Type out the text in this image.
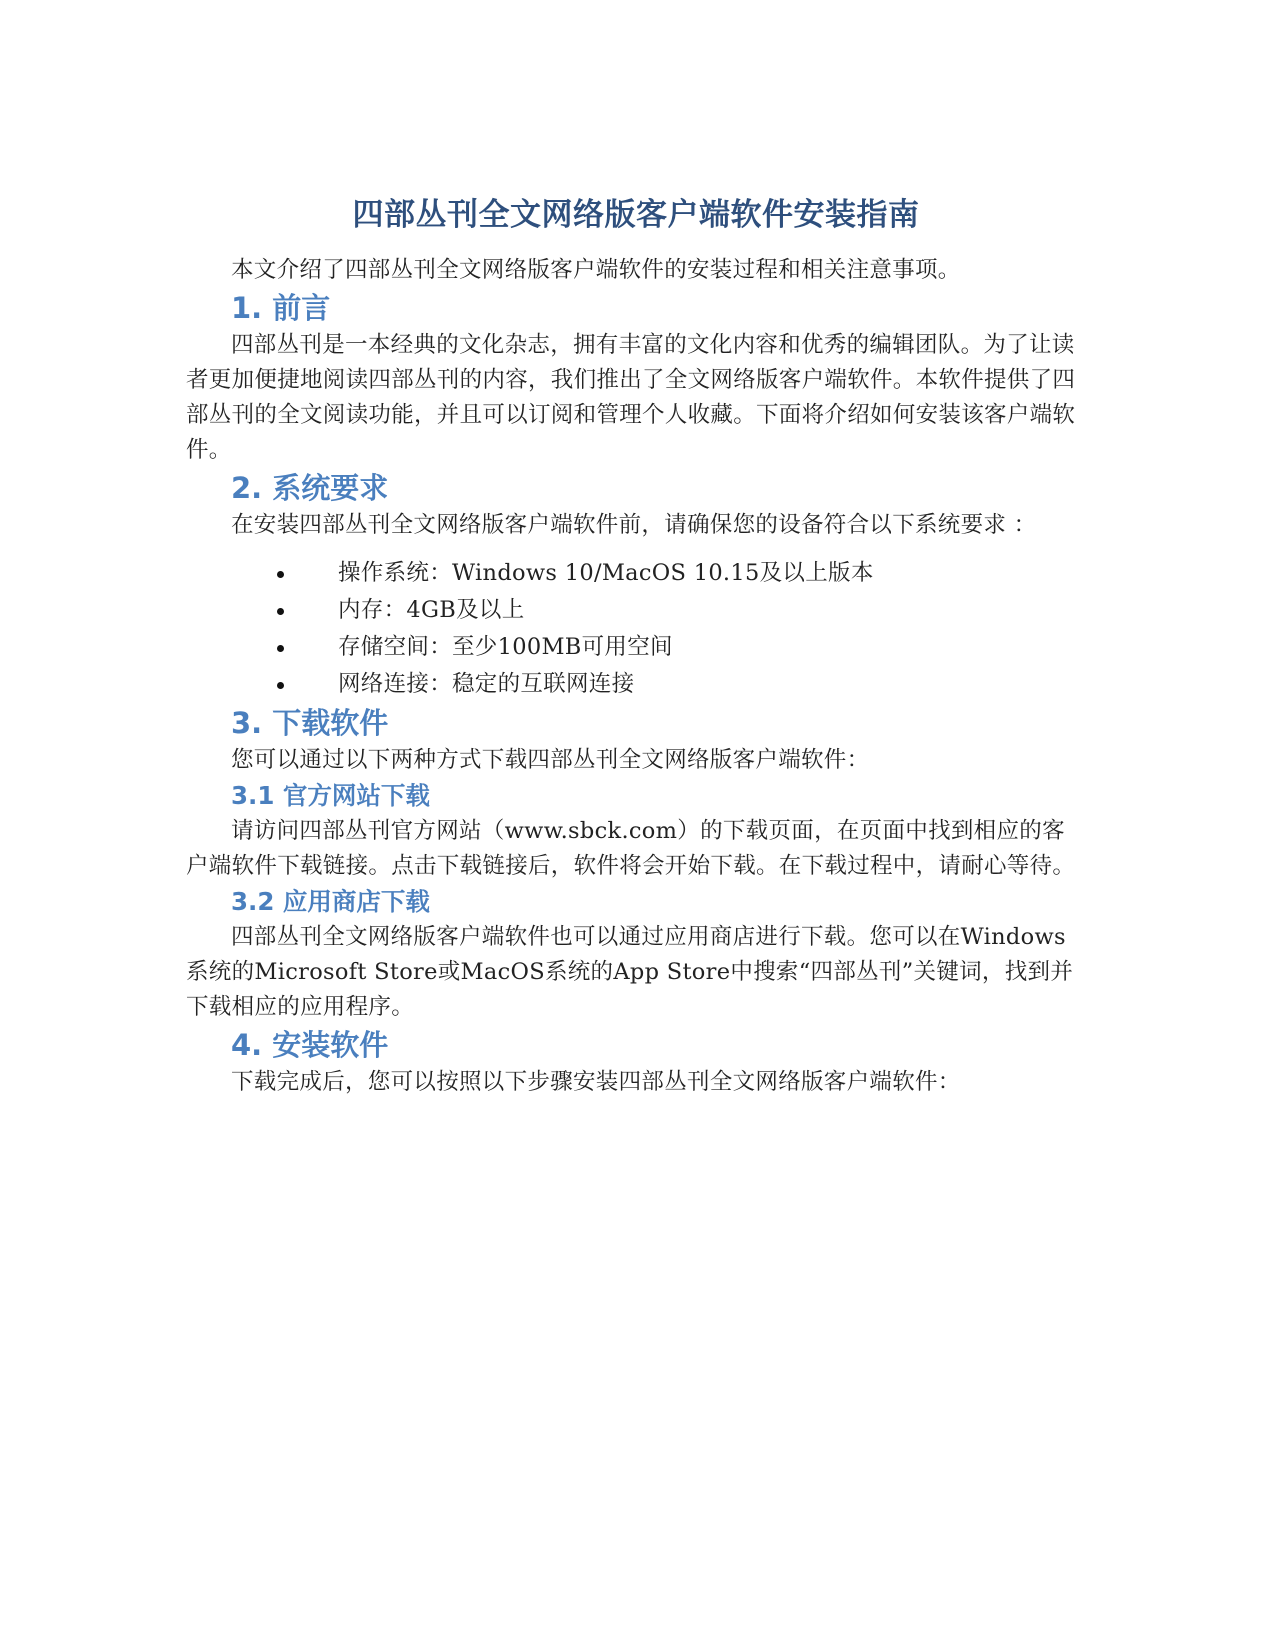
四部丛刊全文网络版客户端软件安装指南

本文介绍了四部丛刊全文网络版客户端软件的安装过程和相关注意事项。

1. 前言

四部丛刊是一本经典的文化杂志，拥有丰富的文化内容和优秀的编辑团队。为了让读者更加便捷地阅读四部丛刊的内容，我们推出了全文网络版客户端软件。本软件提供了四部丛刊的全文阅读功能，并且可以订阅和管理个人收藏。下面将介绍如何安装该客户端软件。

2. 系统要求

在安装四部丛刊全文网络版客户端软件前，请确保您的设备符合以下系统要求 ：

操作系统：Windows 10/MacOS 10.15及以上版本
内存：4GB及以上
存储空间：至少100MB可用空间
网络连接：稳定的互联网连接
3. 下载软件

您可以通过以下两种方式下载四部丛刊全文网络版客户端软件：

3.1 官方网站下载

请访问四部丛刊官方网站（www.sbck.com）的下载页面，在页面中找到相应的客户端软件下载链接。点击下载链接后，软件将会开始下载。在下载过程中，请耐心等待。

3.2 应用商店下载

四部丛刊全文网络版客户端软件也可以通过应用商店进行下载。您可以在Windows系统的Microsoft Store或MacOS系统的App Store中搜索“四部丛刊”关键词，找到并下载相应的应用程序。

4. 安装软件

下载完成后，您可以按照以下步骤安装四部丛刊全文网络版客户端软件：
